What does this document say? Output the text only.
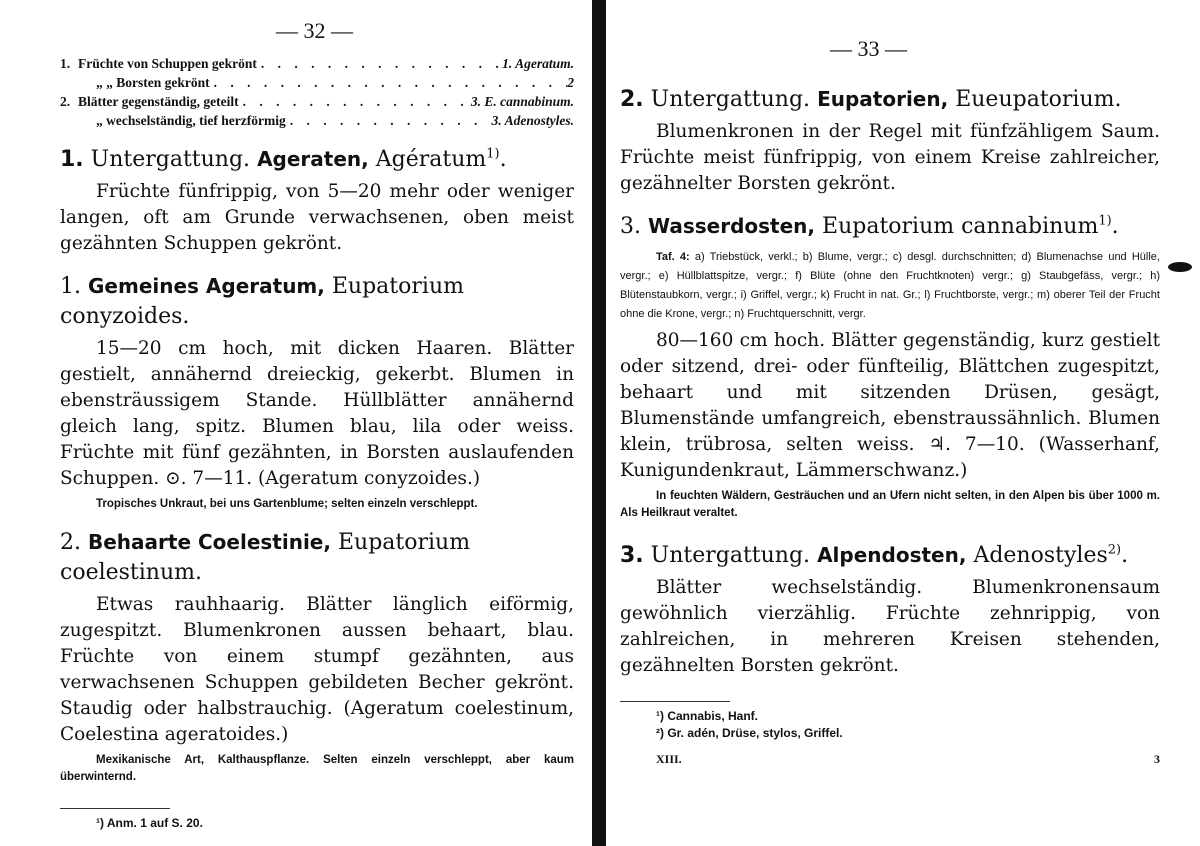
— 32 —
1. Früchte von Schuppen gekrönt . . .	1. Ageratum.
„ „ Borsten gekrönt . . .	2
2. Blätter gegenständig, geteilt . . .	3. E. cannabinum.
„ wechselständig, tief herzförmig . . .	3. Adenostyles.
1. Untergattung. Ageraten, Agératum$^{1)}$.

Früchte fünfrippig, von 5—20 mehr oder weniger langen, oft am Grunde verwachsenen, oben meist gezähnten Schuppen gekrönt.

1. Gemeines Ageratum, Eupatorium conyzoides.

15—20 cm hoch, mit dicken Haaren. Blätter gestielt, annähernd dreieckig, gekerbt. Blumen in ebensträussigem Stande. Hüllblätter annähernd gleich lang, spitz. Blumen blau, lila oder weiss. Früchte mit fünf gezähnten, in Borsten auslaufenden Schuppen. ⊙. 7—11. (Ageratum conyzoides.)

Tropisches Unkraut, bei uns Gartenblume; selten einzeln verschleppt.

2. Behaarte Coelestinie, Eupatorium coelestinum.

Etwas rauhhaarig. Blätter länglich eiförmig, zugespitzt. Blumenkronen aussen behaart, blau. Früchte von einem stumpf gezähnten, aus verwachsenen Schuppen gebildeten Becher gekrönt. Staudig oder halbstrauchig. (Ageratum coelestinum, Coelestina ageratoides.)

Mexikanische Art, Kalthauspflanze. Selten einzeln verschleppt, aber kaum überwinternd.

¹) Anm. 1 auf S. 20.
— 33 —
2. Untergattung. Eupatorien, Eueupatorium.

Blumenkronen in der Regel mit fünfzähligem Saum. Früchte meist fünfrippig, von einem Kreise zahlreicher, gezähnelter Borsten gekrönt.

3. Wasserdosten, Eupatorium cannabinum$^{1)}$.

Taf. 4: a) Triebstück, verkl.; b) Blume, vergr.; c) desgl. durchschnitten; d) Blumenachse und Hülle, vergr.; e) Hüllblattspitze, vergr.; f) Blüte (ohne den Fruchtknoten) vergr.; g) Staubgefäss, vergr.; h) Blütenstaubkorn, vergr.; i) Griffel, vergr.; k) Frucht in nat. Gr.; l) Fruchtborste, vergr.; m) oberer Teil der Frucht ohne die Krone, vergr.; n) Fruchtquerschnitt, vergr.

80—160 cm hoch. Blätter gegenständig, kurz gestielt oder sitzend, drei- oder fünfteilig, Blättchen zugespitzt, behaart und mit sitzenden Drüsen, gesägt, Blumenstände umfangreich, ebenstraussähnlich. Blumen klein, trübrosa, selten weiss. ♃. 7—10. (Wasserhanf, Kunigundenkraut, Lämmerschwanz.)

In feuchten Wäldern, Gesträuchen und an Ufern nicht selten, in den Alpen bis über 1000 m. Als Heilkraut veraltet.

3. Untergattung. Alpendosten, Adenostyles$^{2)}$.

Blätter wechselständig. Blumenkronensaum gewöhnlich vierzählig. Früchte zehnrippig, von zahlreichen, in mehreren Kreisen stehenden, gezähnelten Borsten gekrönt.

¹) Cannabis, Hanf.
²) Gr. adén, Drüse, stylos, Griffel.
XIII.	3
